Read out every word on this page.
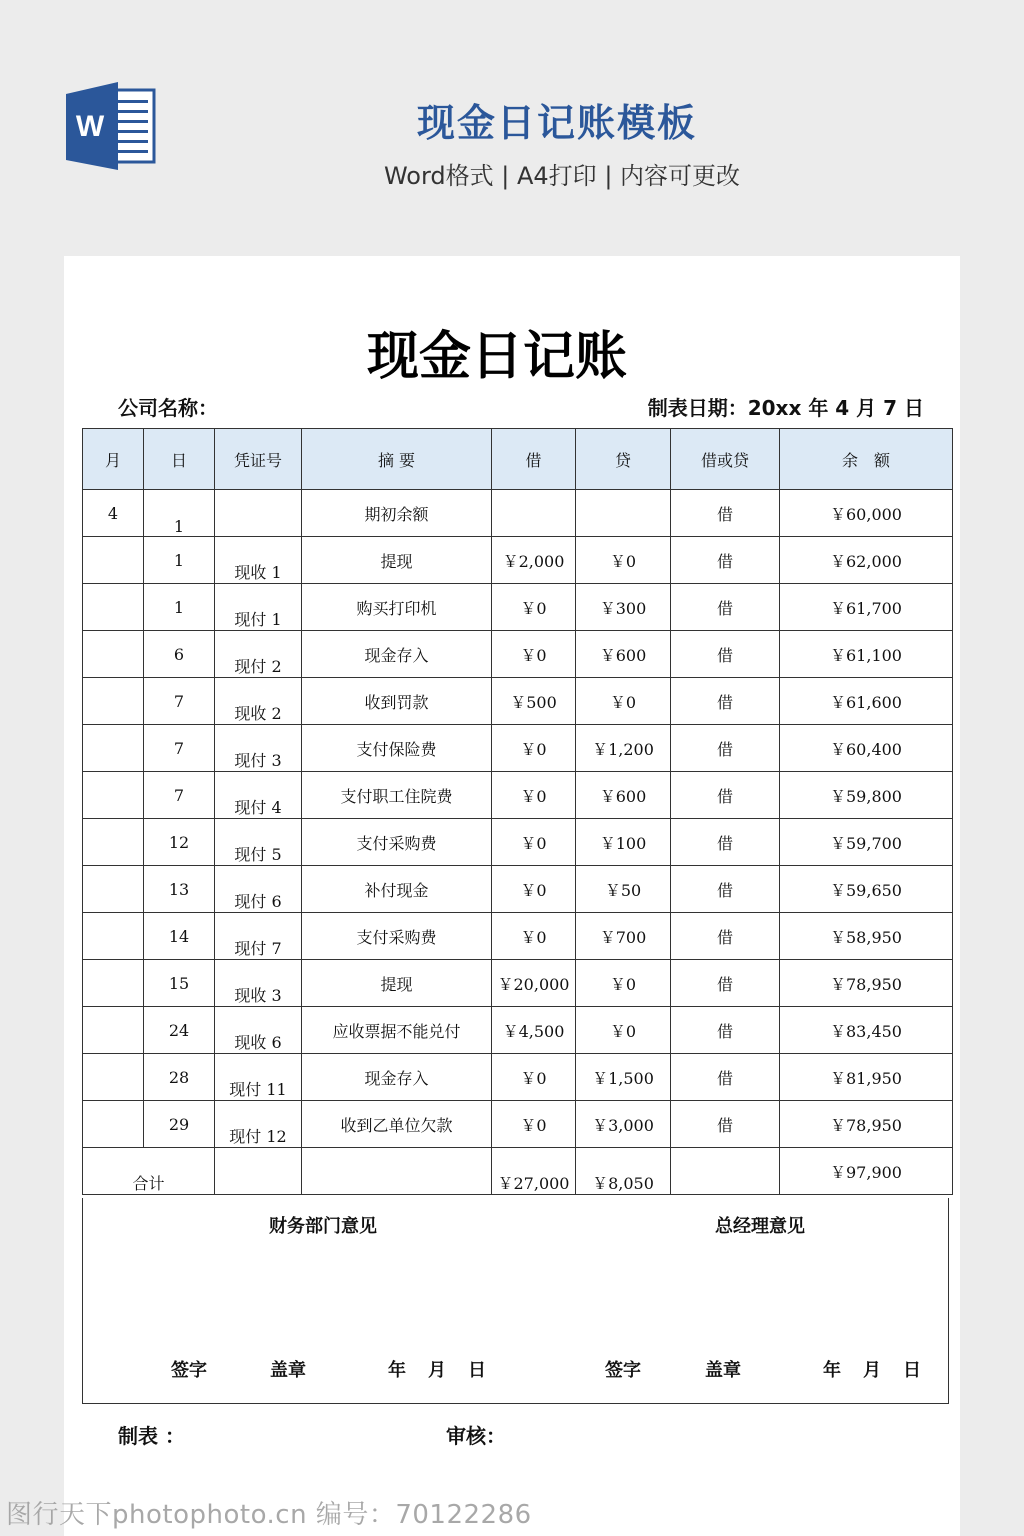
W	现金日记账模板
Word格式 | A4打印 | 内容可更改
现金日记账
公司名称：	制表日期：20xx 年 4 月 7 日
月	日	凭证号	摘 要	借	贷	借或贷	余　额
4	1		期初余额			借	￥60,000
	1	现收 1	提现	￥2,000	￥0	借	￥62,000
	1	现付 1	购买打印机	￥0	￥300	借	￥61,700
	6	现付 2	现金存入	￥0	￥600	借	￥61,100
	7	现收 2	收到罚款	￥500	￥0	借	￥61,600
	7	现付 3	支付保险费	￥0	￥1,200	借	￥60,400
	7	现付 4	支付职工住院费	￥0	￥600	借	￥59,800
	12	现付 5	支付采购费	￥0	￥100	借	￥59,700
	13	现付 6	补付现金	￥0	￥50	借	￥59,650
	14	现付 7	支付采购费	￥0	￥700	借	￥58,950
	15	现收 3	提现	￥20,000	￥0	借	￥78,950
	24	现收 6	应收票据不能兑付	￥4,500	￥0	借	￥83,450
	28	现付 11	现金存入	￥0	￥1,500	借	￥81,950
	29	现付 12	收到乙单位欠款	￥0	￥3,000	借	￥78,950
合计				￥27,000	￥8,050		￥97,900
财务部门意见	总经理意见
签字	盖章	年 月 日	签字	盖章	年 月 日
制表 ：	审核：
图行天下photophoto.cn 编号：70122286
